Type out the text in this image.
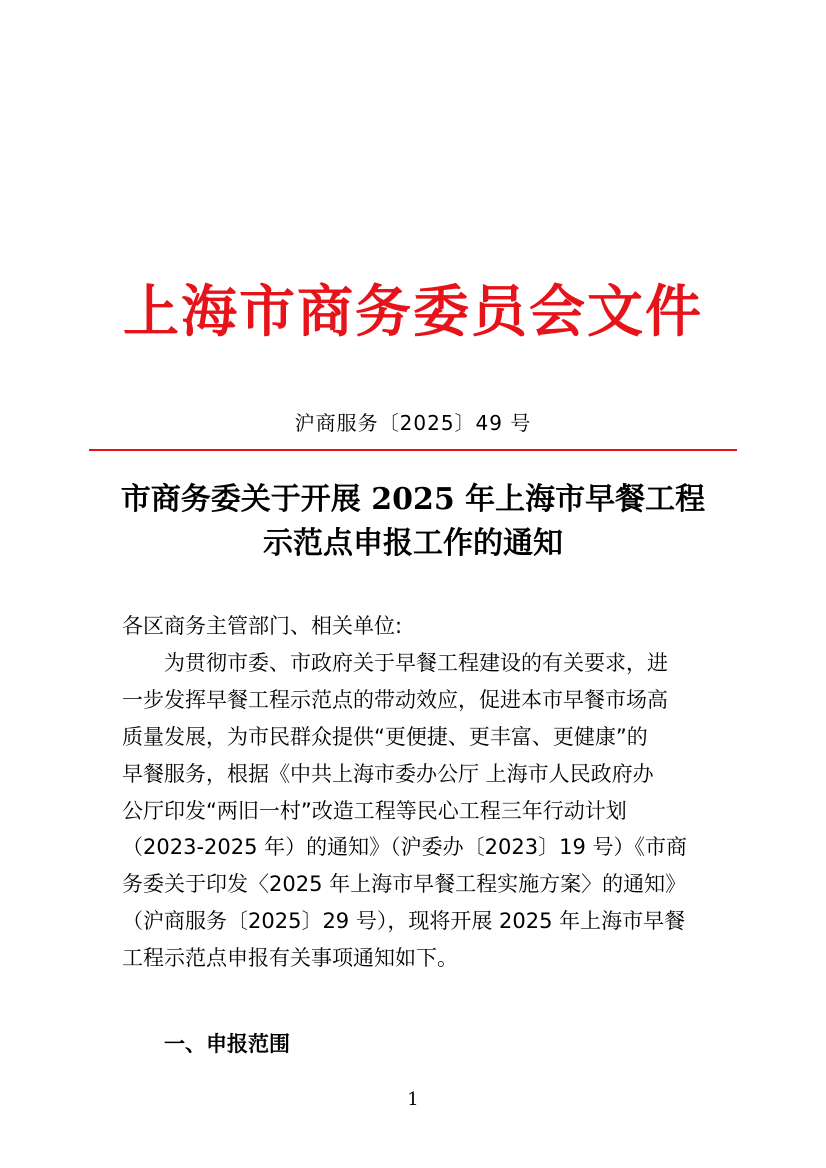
上海市商务委员会文件
沪商服务〔2025〕49 号
市商务委关于开展 2025 年上海市早餐工程
示范点申报工作的通知
各区商务主管部门、相关单位:
为贯彻市委、市政府关于早餐工程建设的有关要求，进
一步发挥早餐工程示范点的带动效应，促进本市早餐市场高
质量发展，为市民群众提供“更便捷、更丰富、更健康”的
早餐服务，根据《中共上海市委办公厅 上海市人民政府办
公厅印发“两旧一村”改造工程等民心工程三年行动计划
（2023-2025 年）的通知》（沪委办〔2023〕19 号）《市商
务委关于印发〈2025 年上海市早餐工程实施方案〉的通知》
（沪商服务〔2025〕29 号），现将开展 2025 年上海市早餐
工程示范点申报有关事项通知如下。
一、申报范围
1
